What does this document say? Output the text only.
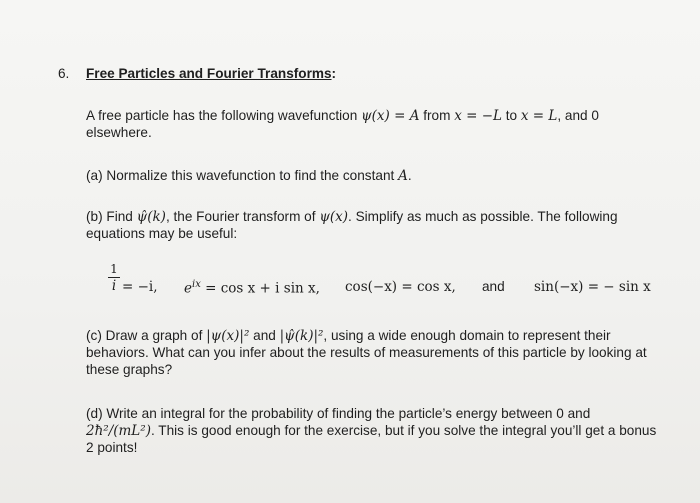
6. Free Particles and Fourier Transforms:
A free particle has the following wavefunction ψ(x) = A from x = −L to x = L, and 0
elsewhere.
(a) Normalize this wavefunction to find the constant A.
(b) Find ψ̂(k), the Fourier transform of ψ(x). Simplify as much as possible. The following
equations may be useful:
1
i = −i, $e^{ix} = \cos x + i$ sin x, cos(−x) = cos x, and sin(−x) = − sin x
(c) Draw a graph of |ψ(x)|² and |ψ̂(k)|², using a wide enough domain to represent their
behaviors. What can you infer about the results of measurements of this particle by looking at
these graphs?
(d) Write an integral for the probability of finding the particle’s energy between 0 and
2ħ²/(mL²). This is good enough for the exercise, but if you solve the integral you’ll get a bonus
2 points!
